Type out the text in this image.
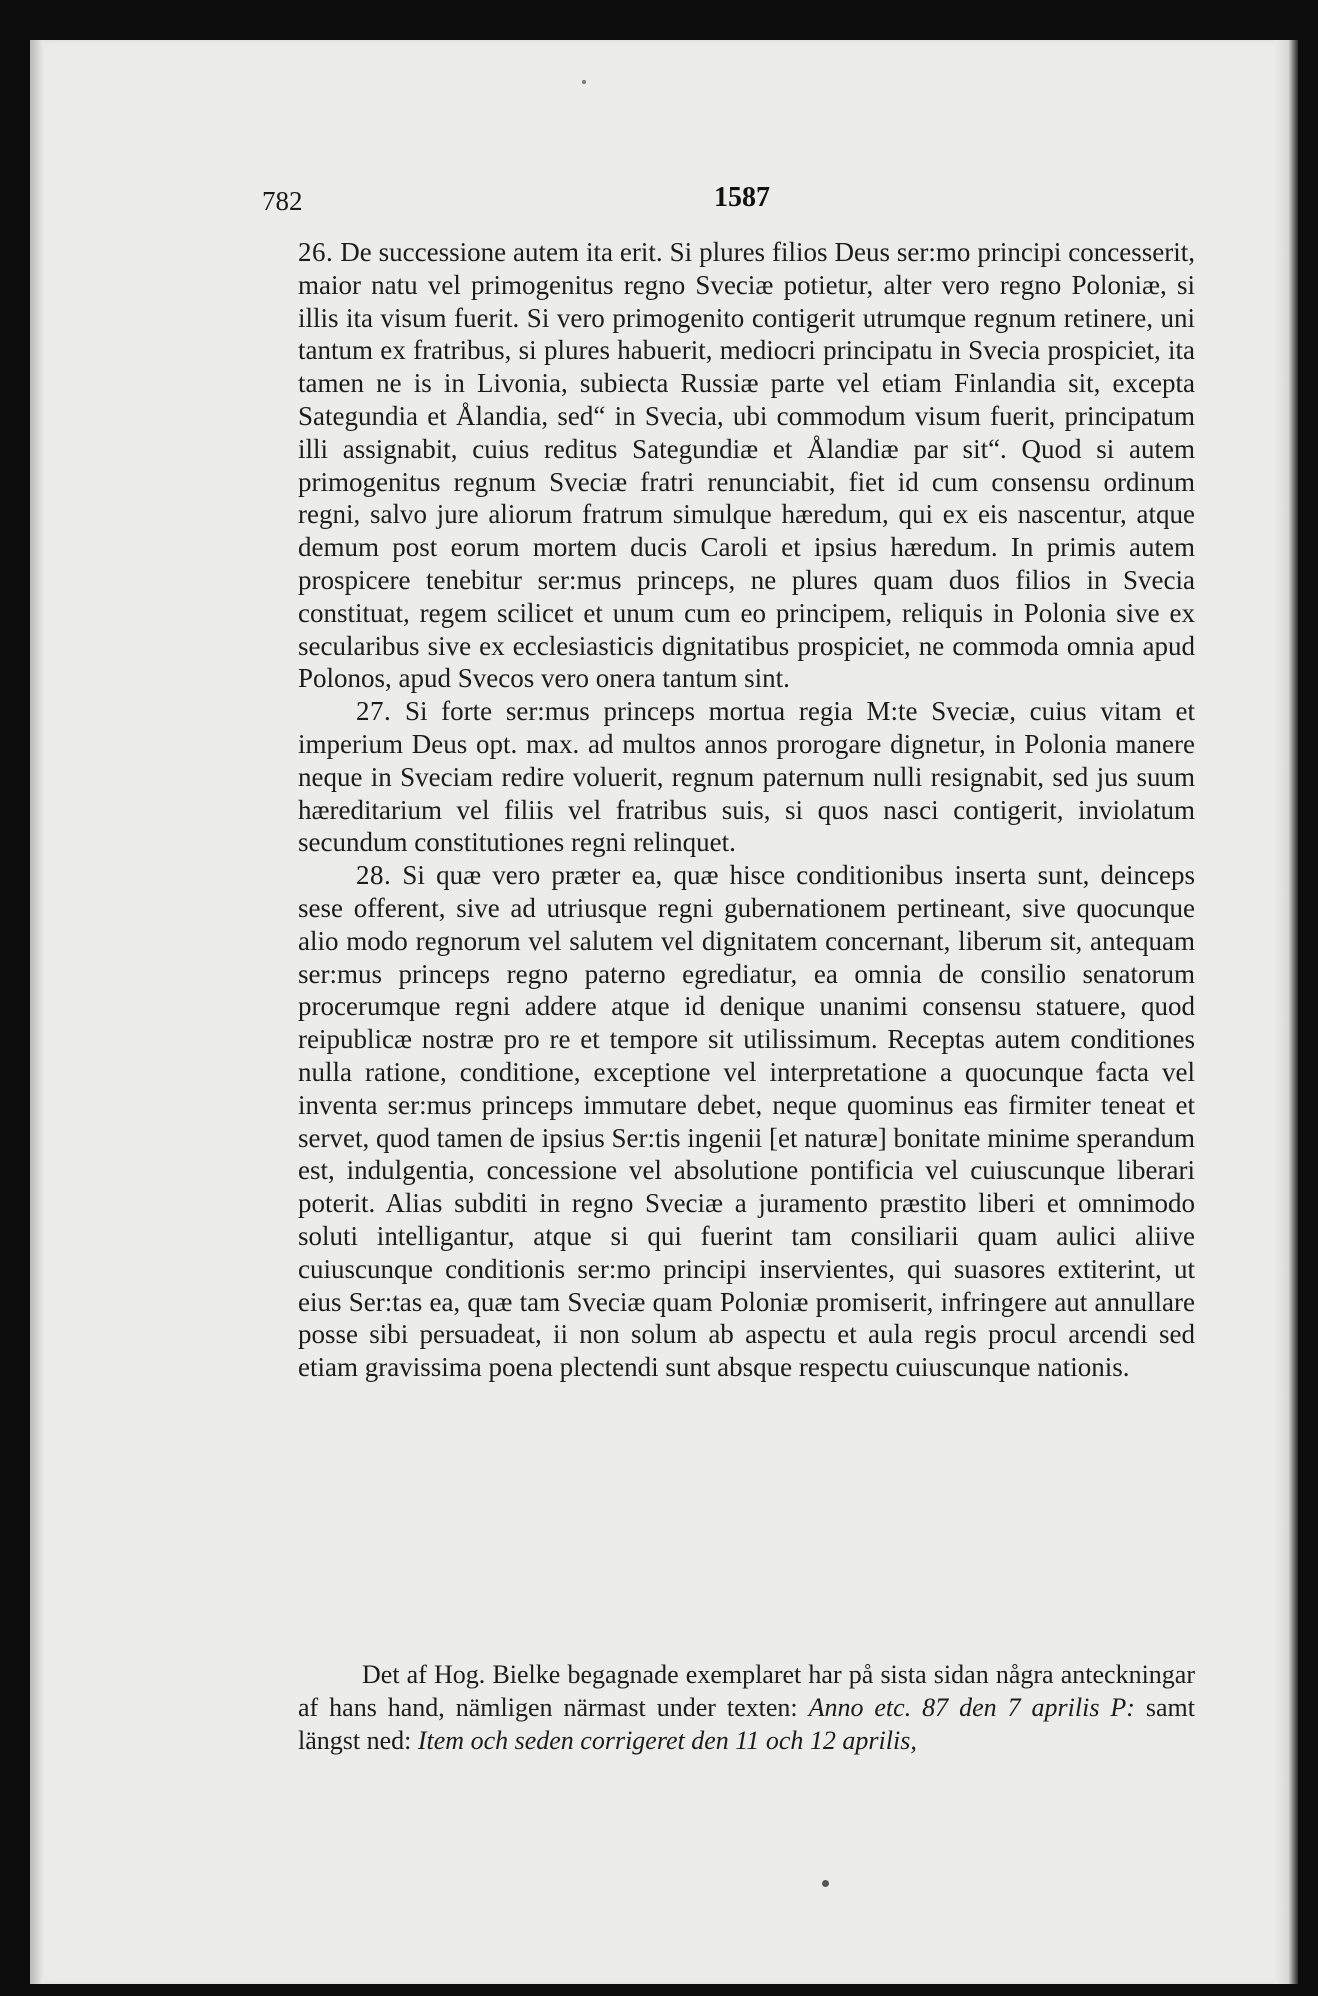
782	1587

26. De successione autem ita erit. Si plures filios Deus ser:mo principi concesserit, maior natu vel primogenitus regno Sveciæ potietur, alter vero regno Poloniæ, si illis ita visum fuerit. Si vero primogenito contigerit utrumque regnum retinere, uni tantum ex fratribus, si plures habuerit, mediocri principatu in Svecia prospiciet, ita tamen ne is in Livonia, subiecta Russiæ parte vel etiam Finlandia sit, excepta Sategundia et Ålandia, sed“ in Svecia, ubi commodum visum fuerit, principatum illi assignabit, cuius reditus Sategundiæ et Ålandiæ par sit“. Quod si autem primogenitus regnum Sveciæ fratri renunciabit, fiet id cum consensu ordinum regni, salvo jure aliorum fratrum simulque hæredum, qui ex eis nascentur, atque demum post eorum mortem ducis Caroli et ipsius hæredum. In primis autem prospicere tenebitur ser:mus princeps, ne plures quam duos filios in Svecia constituat, regem scilicet et unum cum eo principem, reliquis in Polonia sive ex secularibus sive ex ecclesiasticis dignitatibus prospiciet, ne commoda omnia apud Polonos, apud Svecos vero onera tantum sint.

27. Si forte ser:mus princeps mortua regia M:te Sveciæ, cuius vitam et imperium Deus opt. max. ad multos annos prorogare dignetur, in Polonia manere neque in Sveciam redire voluerit, regnum paternum nulli resignabit, sed jus suum hæreditarium vel filiis vel fratribus suis, si quos nasci contigerit, inviolatum secundum constitutiones regni relinquet.

28. Si quæ vero præter ea, quæ hisce conditionibus inserta sunt, deinceps sese offerent, sive ad utriusque regni gubernationem pertineant, sive quocunque alio modo regnorum vel salutem vel dignitatem concernant, liberum sit, antequam ser:mus princeps regno paterno egrediatur, ea omnia de consilio senatorum procerumque regni addere atque id denique unanimi consensu statuere, quod reipublicæ nostræ pro re et tempore sit utilissimum. Receptas autem conditiones nulla ratione, conditione, exceptione vel interpretatione a quocunque facta vel inventa ser:mus princeps immutare debet, neque quominus eas firmiter teneat et servet, quod tamen de ipsius Ser:tis ingenii [et naturæ] bonitate minime sperandum est, indulgentia, concessione vel absolutione pontificia vel cuiuscunque liberari poterit. Alias subditi in regno Sveciæ a juramento præstito liberi et omnimodo soluti intelligantur, atque si qui fuerint tam consiliarii quam aulici aliive cuiuscunque conditionis ser:mo principi inservientes, qui suasores extiterint, ut eius Ser:tas ea, quæ tam Sveciæ quam Poloniæ promiserit, infringere aut annullare posse sibi persuadeat, ii non solum ab aspectu et aula regis procul arcendi sed etiam gravissima poena plectendi sunt absque respectu cuiuscunque nationis.

Det af Hog. Bielke begagnade exemplaret har på sista sidan några anteckningar af hans hand, nämligen närmast under texten: Anno etc. 87 den 7 aprilis P: samt längst ned: Item och seden corrigeret den 11 och 12 aprilis,
